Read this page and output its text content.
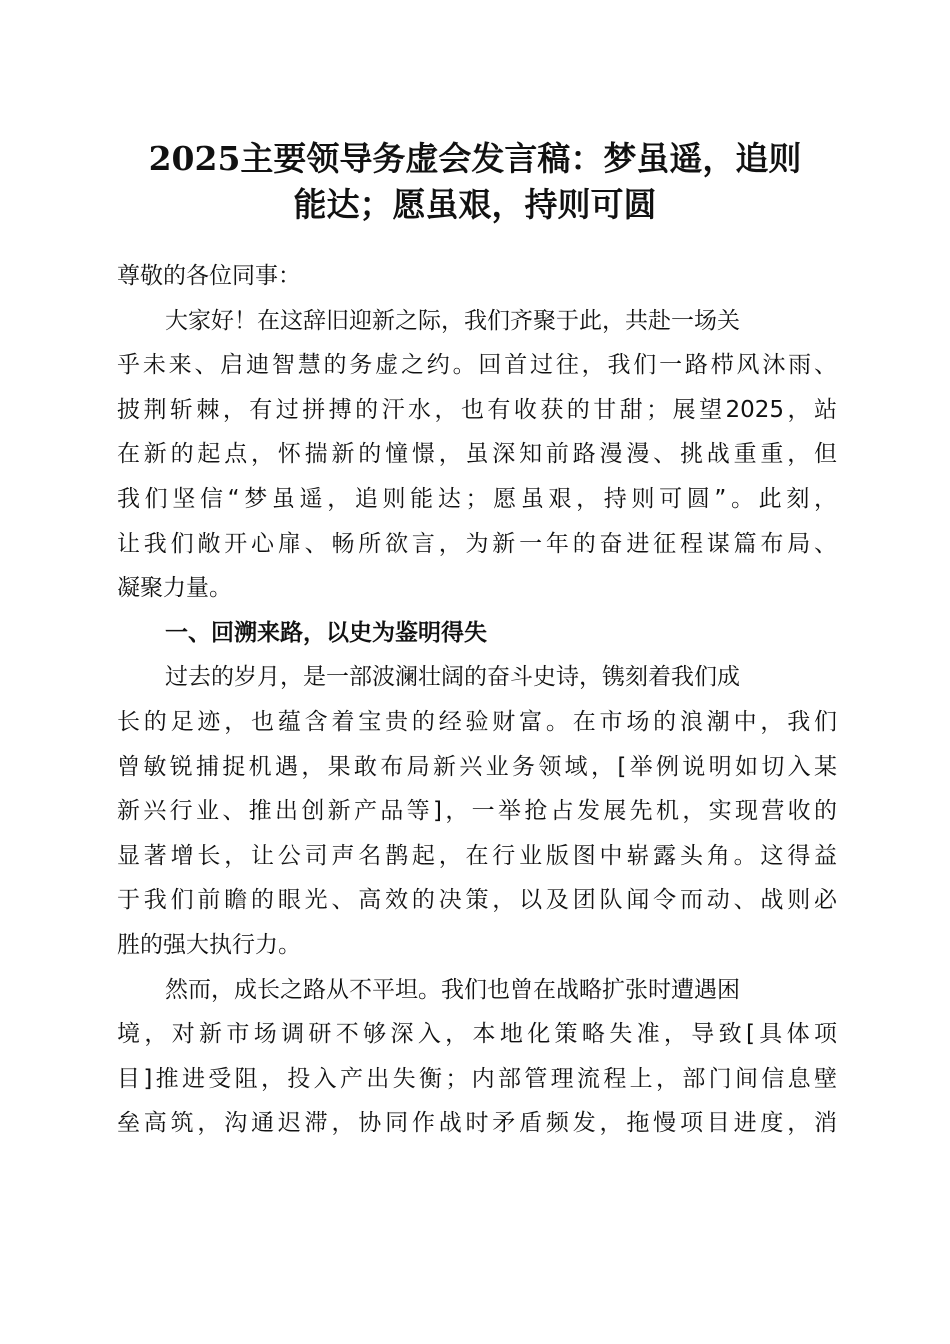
2025主要领导务虚会发言稿：梦虽遥，追则
能达；愿虽艰，持则可圆
尊敬的各位同事：
大家好！在这辞旧迎新之际，我们齐聚于此，共赴一场关
乎未来、启迪智慧的务虚之约。回首过往，我们一路栉风沐雨、
披荆斩棘，有过拼搏的汗水，也有收获的甘甜；展望2025，站
在新的起点，怀揣新的憧憬，虽深知前路漫漫、挑战重重，但
我们坚信“梦虽遥，追则能达；愿虽艰，持则可圆”。此刻，
让我们敞开心扉、畅所欲言，为新一年的奋进征程谋篇布局、
凝聚力量。
一、回溯来路，以史为鉴明得失
过去的岁月，是一部波澜壮阔的奋斗史诗，镌刻着我们成
长的足迹，也蕴含着宝贵的经验财富。在市场的浪潮中，我们
曾敏锐捕捉机遇，果敢布局新兴业务领域，[举例说明如切入某
新兴行业、推出创新产品等]，一举抢占发展先机，实现营收的
显著增长，让公司声名鹊起，在行业版图中崭露头角。这得益
于我们前瞻的眼光、高效的决策，以及团队闻令而动、战则必
胜的强大执行力。
然而，成长之路从不平坦。我们也曾在战略扩张时遭遇困
境，对新市场调研不够深入，本地化策略失准，导致[具体项
目]推进受阻，投入产出失衡；内部管理流程上，部门间信息壁
垒高筑，沟通迟滞，协同作战时矛盾频发，拖慢项目进度，消
